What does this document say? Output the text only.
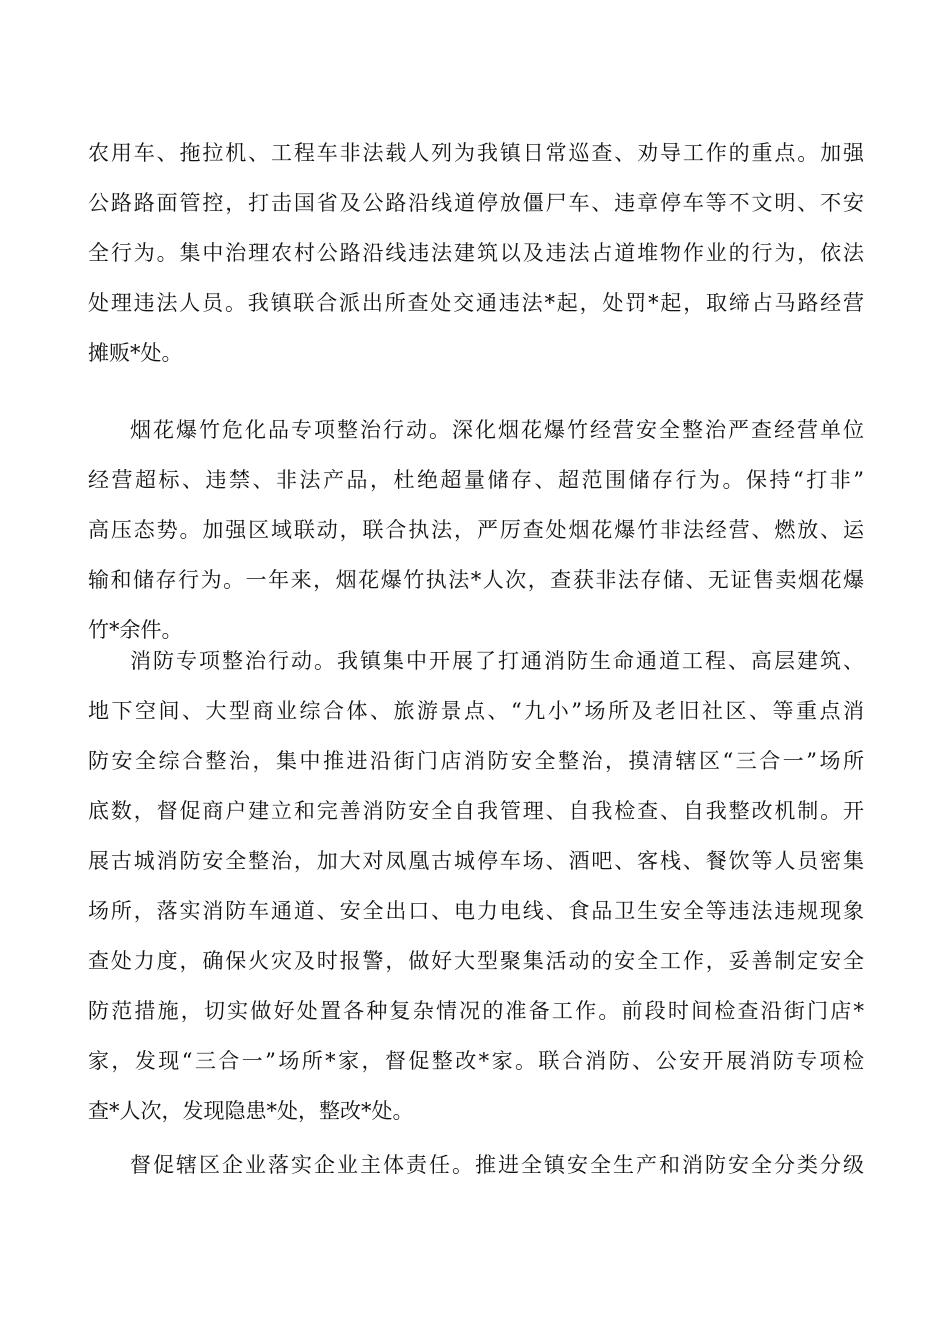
农用车、拖拉机、工程车非法载人列为我镇日常巡查、劝导工作的重点。加强
公路路面管控，打击国省及公路沿线道停放僵尸车、违章停车等不文明、不安
全行为。集中治理农村公路沿线违法建筑以及违法占道堆物作业的行为，依法
处理违法人员。我镇联合派出所查处交通违法*起，处罚*起，取缔占马路经营
摊贩*处。
烟花爆竹危化品专项整治行动。深化烟花爆竹经营安全整治严查经营单位
经营超标、违禁、非法产品，杜绝超量储存、超范围储存行为。保持“打非”
高压态势。加强区域联动，联合执法，严厉查处烟花爆竹非法经营、燃放、运
输和储存行为。一年来，烟花爆竹执法*人次，查获非法存储、无证售卖烟花爆
竹*余件。
消防专项整治行动。我镇集中开展了打通消防生命通道工程、高层建筑、
地下空间、大型商业综合体、旅游景点、“九小”场所及老旧社区、等重点消
防安全综合整治，集中推进沿街门店消防安全整治，摸清辖区“三合一”场所
底数，督促商户建立和完善消防安全自我管理、自我检查、自我整改机制。开
展古城消防安全整治，加大对凤凰古城停车场、酒吧、客栈、餐饮等人员密集
场所，落实消防车通道、安全出口、电力电线、食品卫生安全等违法违规现象
查处力度，确保火灾及时报警，做好大型聚集活动的安全工作，妥善制定安全
防范措施，切实做好处置各种复杂情况的准备工作。前段时间检查沿街门店*
家，发现“三合一”场所*家，督促整改*家。联合消防、公安开展消防专项检
查*人次，发现隐患*处，整改*处。
督促辖区企业落实企业主体责任。推进全镇安全生产和消防安全分类分级
